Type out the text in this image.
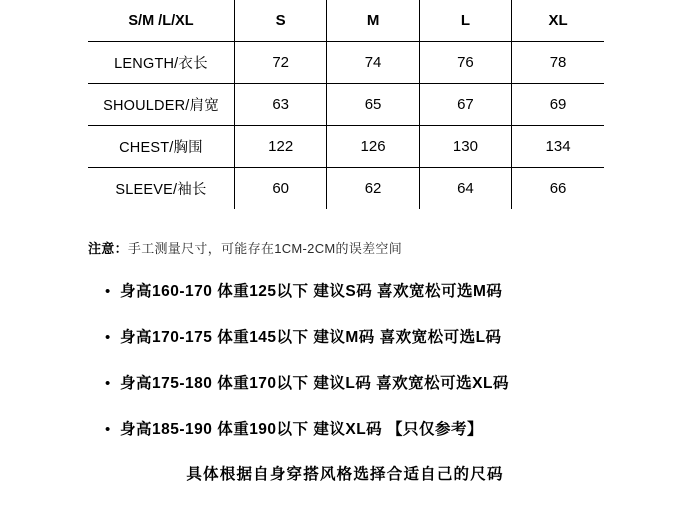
S/M /L/XL	S	M	L	XL
LENGTH/衣长	72	74	76	78
SHOULDER/肩宽	63	65	67	69
CHEST/胸围	122	126	130	134
SLEEVE/袖长	60	62	64	66
注意：手工测量尺寸，可能存在1CM-2CM的误差空间
• 身高160-170 体重125以下 建议S码 喜欢宽松可选M码
• 身高170-175 体重145以下 建议M码 喜欢宽松可选L码
• 身高175-180 体重170以下 建议L码 喜欢宽松可选XL码
• 身高185-190 体重190以下 建议XL码 【只仅参考】
具体根据自身穿搭风格选择合适自己的尺码
